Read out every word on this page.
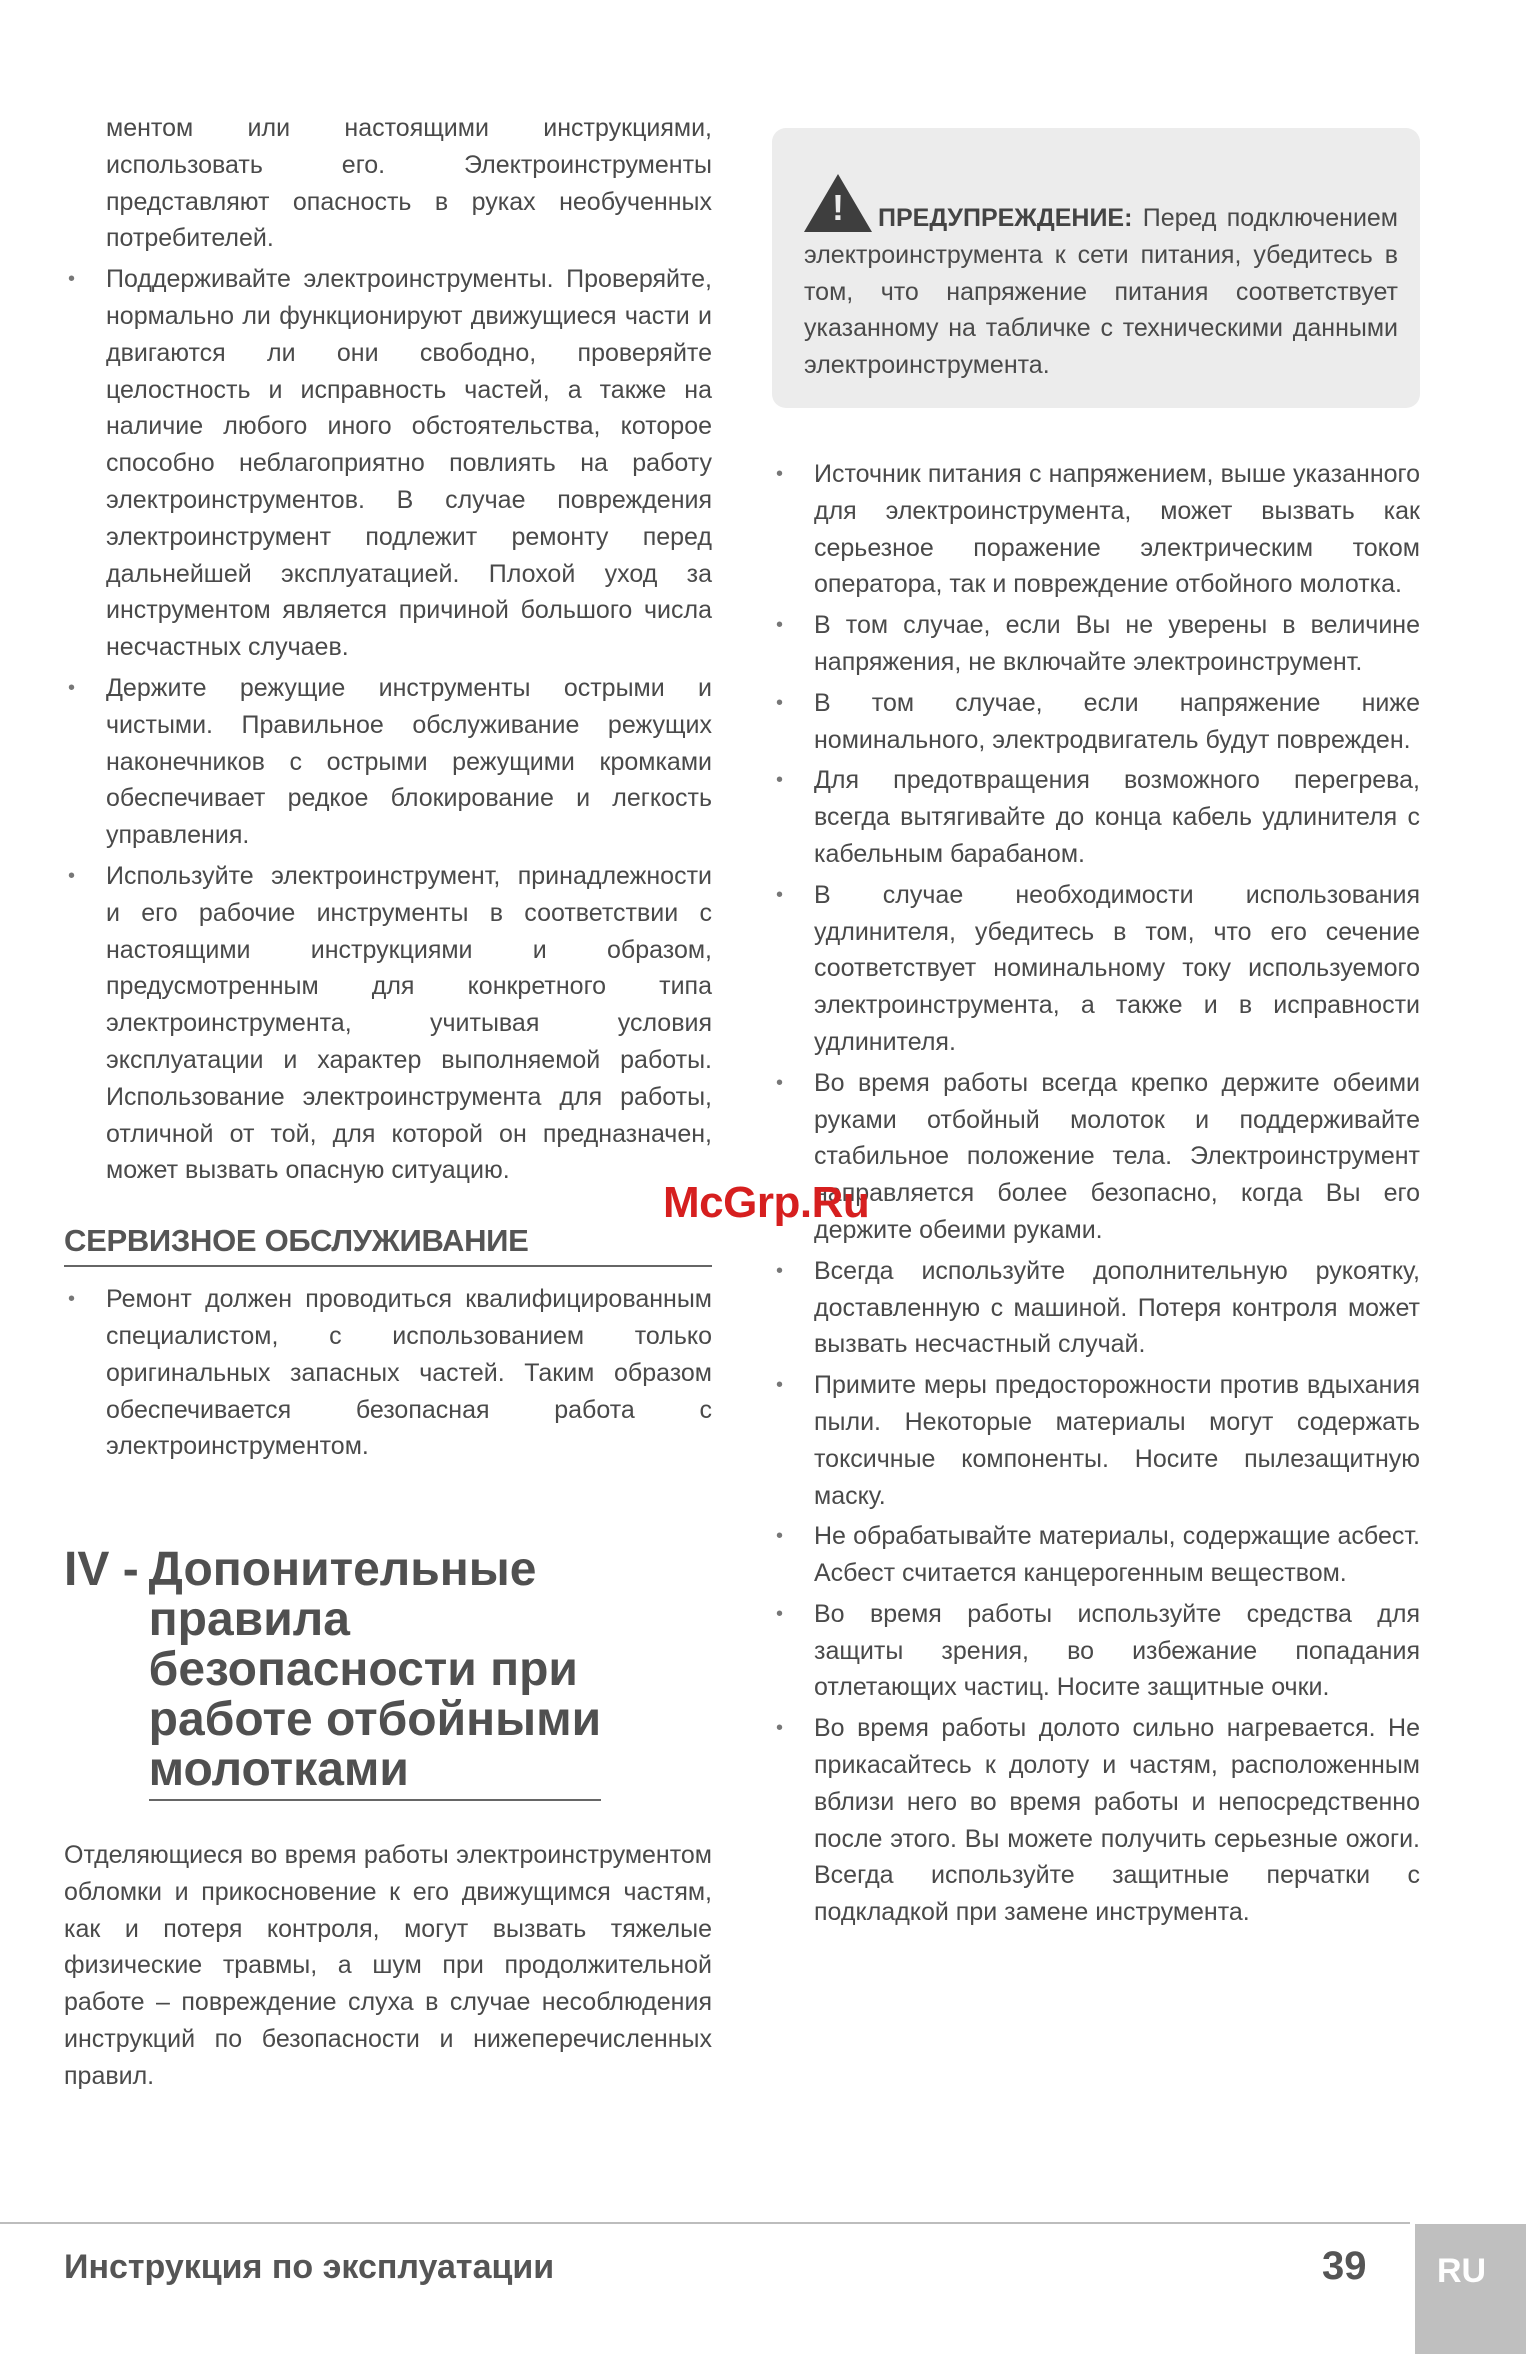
ментом или настоящими инструкциями, использовать его. Электроинструменты представляют опасность в руках необученных потребителей.

• Поддерживайте электроинструменты. Проверяйте, нормально ли функционируют движущиеся части и двигаются ли они свободно, проверяйте целостность и исправность частей, а также на наличие любого иного обстоятельства, которое способно неблагоприятно повлиять на работу электроинструментов. В случае повреждения электроинструмент подлежит ремонту перед дальнейшей эксплуатацией. Плохой уход за инструментом является причиной большого числа несчастных случаев.

• Держите режущие инструменты острыми и чистыми. Правильное обслуживание режущих наконечников с острыми режущими кромками обеспечивает редкое блокирование и легкость управления.

• Используйте электроинструмент, принадлежности и его рабочие инструменты в соответствии с настоящими инструкциями и образом, предусмотренным для конкретного типа электроинструмента, учитывая условия эксплуатации и характер выполняемой работы. Использование электроинструмента для работы, отличной от той, для которой он предназначен, может вызвать опасную ситуацию.

СЕРВИЗНОЕ ОБСЛУЖИВАНИЕ

• Ремонт должен проводиться квалифицированным специалистом, с использованием только оригинальных запасных частей. Таким образом обеспечивается безопасная работа с электроинструментом.

IV - Допонительные
правила
безопасности при
работе отбойными
молотками

Отделяющиеся во время работы электроинструментом обломки и прикосновение к его движущимся частям, как и потеря контроля, могут вызвать тяжелые физические травмы, а шум при продолжительной работе – повреждение слуха в случае несоблюдения инструкций по безопасности и нижеперечисленных правил.

!ПРЕДУПРЕЖДЕНИЕ: Перед подключением электроинструмента к сети питания, убедитесь в том, что напряжение питания соответствует указанному на табличке с техническими данными электроинструмента.

• Источник питания с напряжением, выше указанного для электроинструмента, может вызвать как серьезное поражение электрическим током оператора, так и повреждение отбойного молотка.

• В том случае, если Вы не уверены в величине напряжения, не включайте электроинструмент.

• В том случае, если напряжение ниже номинального, электродвигатель будут поврежден.

• Для предотвращения возможного перегрева, всегда вытягивайте до конца кабель удлинителя с кабельным барабаном.

• В случае необходимости использования удлинителя, убедитесь в том, что его сечение соответствует номинальному току используемого электроинструмента, а также и в исправности удлинителя.

• Во время работы всегда крепко держите обеими руками отбойный молоток и поддерживайте стабильное положение тела. Электроинструмент направляется более безопасно, когда Вы его держите обеими руками.

• Всегда используйте дополнительную рукоятку, доставленную с машиной. Потеря контроля может вызвать несчастный случай.

• Примите меры предосторожности против вдыхания пыли. Некоторые материалы могут содержать токсичные компоненты. Носите пылезащитную маску.

• Не обрабатывайте материалы, содержащие асбест. Асбест считается канцерогенным веществом.

• Во время работы используйте средства для защиты зрения, во избежание попадания отлетающих частиц. Носите защитные очки.

• Во время работы долото сильно нагревается. Не прикасайтесь к долоту и частям, расположенным вблизи него во время работы и непосредственно после этого. Вы можете получить серьезные ожоги. Всегда используйте защитные перчатки с подкладкой при замене инструмента.

McGrp.Ru
Инструкция по эксплуатации	39 RU
